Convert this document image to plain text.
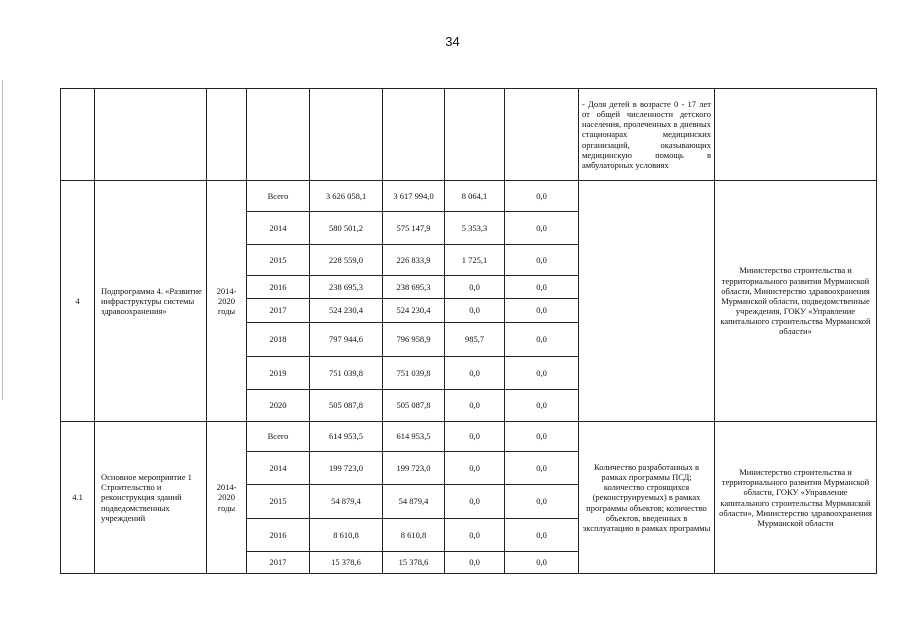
34
								- Доля детей в возрасте 0 - 17 лет от общей численности детского населения, пролеченных в дневных стационарах медицинских организаций, оказывающих медицинскую помощь в амбулаторных условиях	
4	Подпрограмма 4. «Развитие инфраструктуры системы здравоохранения»	2014-2020 годы	Всего	3 626 058,1	3 617 994,0	8 064,1	0,0		Министерство строительства и территориального развития Мурманской области, Министерство здравоохранения Мурманской области, подведомственные учреждения, ГОКУ «Управление капитального строительства Мурманской области»
			2014	580 501,2	575 147,9	5 353,3	0,0		
			2015	228 559,0	226 833,9	1 725,1	0,0		
			2016	238 695,3	238 695,3	0,0	0,0		
			2017	524 230,4	524 230,4	0,0	0,0		
			2018	797 944,6	796 958,9	985,7	0,0		
			2019	751 039,8	751 039,8	0,0	0,0		
			2020	505 087,8	505 087,8	0,0	0,0		
4.1	Основное мероприятие 1 Строительство и реконструкция зданий подведомственных учреждений	2014-2020 годы	Всего	614 953,5	614 953,5	0,0	0,0	Количество разработанных в рамках программы ПСД; количество строящихся (реконструируемых) в рамках программы объектов; количество объектов, введенных в эксплуатацию в рамках программы	Министерство строительства и территориального развития Мурманской области, ГОКУ «Управление капитального строительства Мурманской области», Министерство здравоохранения Мурманской области
			2014	199 723,0	199 723,0	0,0	0,0		
			2015	54 879,4	54 879,4	0,0	0,0		
			2016	8 610,8	8 610,8	0,0	0,0		
			2017	15 378,6	15 378,6	0,0	0,0		
